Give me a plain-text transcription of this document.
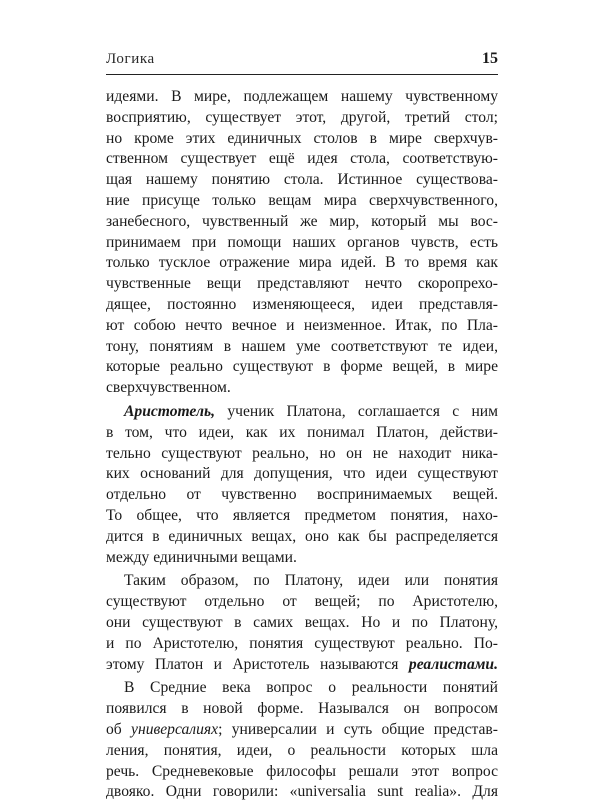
Логика	15
идеями. В мире, подлежащем нашему чувственному
восприятию, существует этот, другой, третий стол;
но кроме этих единичных столов в мире сверхчув-
ственном существует ещё идея стола, соответствую-
щая нашему понятию стола. Истинное существова-
ние присуще только вещам мира сверхчувственного,
занебесного, чувственный же мир, который мы вос-
принимаем при помощи наших органов чувств, есть
только тусклое отражение мира идей. В то время как
чувственные вещи представляют нечто скоропрехо-
дящее, постоянно изменяющееся, идеи представля-
ют собою нечто вечное и неизменное. Итак, по Пла-
тону, понятиям в нашем уме соответствуют те идеи,
которые реально существуют в форме вещей, в мире
сверхчувственном.
Аристотель, ученик Платона, соглашается с ним
в том, что идеи, как их понимал Платон, действи-
тельно существуют реально, но он не находит ника-
ких оснований для допущения, что идеи существуют
отдельно от чувственно воспринимаемых вещей.
То общее, что является предметом понятия, нахо-
дится в единичных вещах, оно как бы распределяется
между единичными вещами.
Таким образом, по Платону, идеи или понятия
существуют отдельно от вещей; по Аристотелю,
они существуют в самих вещах. Но и по Платону,
и по Аристотелю, понятия существуют реально. По-
этому Платон и Аристотель называются реалистами.
В Средние века вопрос о реальности понятий
появился в новой форме. Назывался он вопросом
об универсалиях; универсалии и суть общие представ-
ления, понятия, идеи, о реальности которых шла
речь. Средневековые философы решали этот вопрос
двояко. Одни говорили: «universalia sunt realia». Для
